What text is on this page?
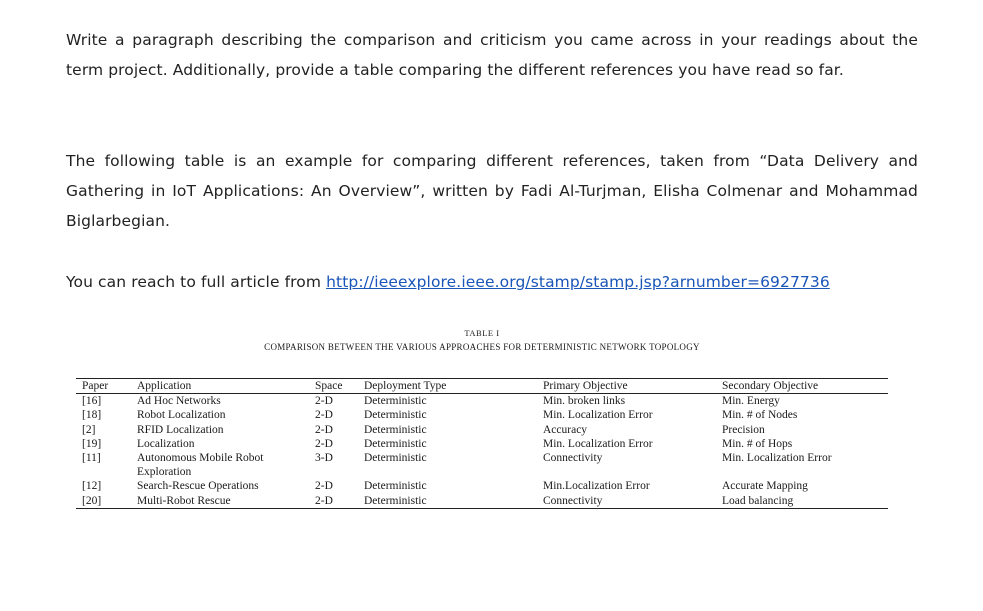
Write a paragraph describing the comparison and criticism you came across in your readings about the term project. Additionally, provide a table comparing the different references you have read so far.

The following table is an example for comparing different references, taken from “Data Delivery and Gathering in IoT Applications: An Overview”, written by Fadi Al-Turjman, Elisha Colmenar and Mohammad Biglarbegian.

You can reach to full article from http://ieeexplore.ieee.org/stamp/stamp.jsp?arnumber=6927736

TABLE I
COMPARISON BETWEEN THE VARIOUS APPROACHES FOR DETERMINISTIC NETWORK TOPOLOGY
Paper	Application	Space	Deployment Type	Primary Objective	Secondary Objective
[16]	Ad Hoc Networks	2-D	Deterministic	Min. broken links	Min. Energy
[18]	Robot Localization	2-D	Deterministic	Min. Localization Error	Min. # of Nodes
[2]	RFID Localization	2-D	Deterministic	Accuracy	Precision
[19]	Localization	2-D	Deterministic	Min. Localization Error	Min. # of Hops
[11]	Autonomous Mobile Robot Exploration	3-D	Deterministic	Connectivity	Min. Localization Error
[12]	Search-Rescue Operations	2-D	Deterministic	Min.Localization Error	Accurate Mapping
[20]	Multi-Robot Rescue	2-D	Deterministic	Connectivity	Load balancing
